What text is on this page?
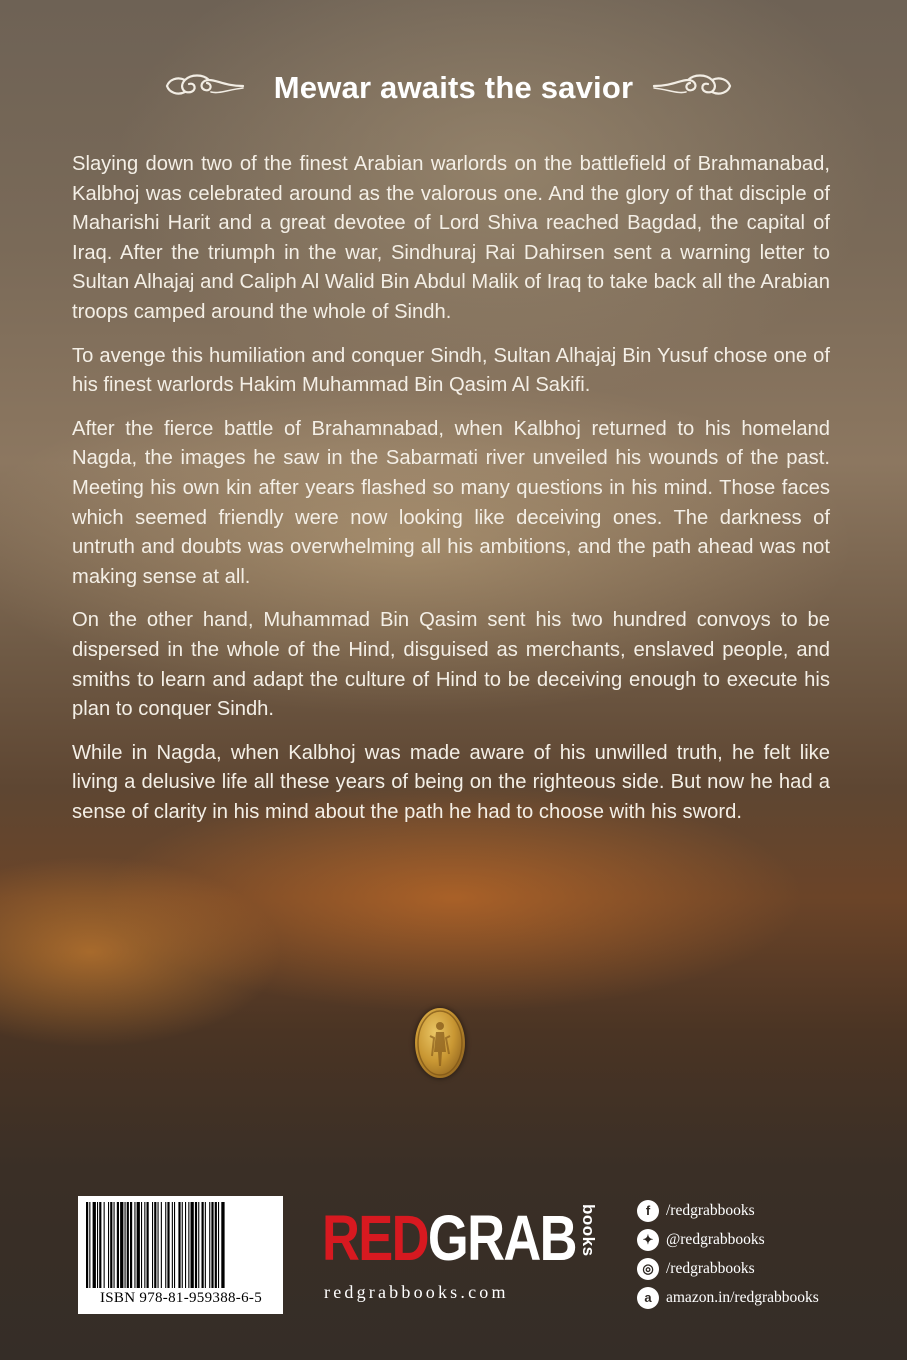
Mewar awaits the savior

Slaying down two of the finest Arabian warlords on the battlefield of Brahmanabad, Kalbhoj was celebrated around as the valorous one. And the glory of that disciple of Maharishi Harit and a great devotee of Lord Shiva reached Bagdad, the capital of Iraq. After the triumph in the war, Sindhuraj Rai Dahirsen sent a warning letter to Sultan Alhajaj and Caliph Al Walid Bin Abdul Malik of Iraq to take back all the Arabian troops camped around the whole of Sindh.

To avenge this humiliation and conquer Sindh, Sultan Alhajaj Bin Yusuf chose one of his finest warlords Hakim Muhammad Bin Qasim Al Sakifi.

After the fierce battle of Brahamnabad, when Kalbhoj returned to his homeland Nagda, the images he saw in the Sabarmati river unveiled his wounds of the past. Meeting his own kin after years flashed so many questions in his mind. Those faces which seemed friendly were now looking like deceiving ones. The darkness of untruth and doubts was overwhelming all his ambitions, and the path ahead was not making sense at all.

On the other hand, Muhammad Bin Qasim sent his two hundred convoys to be dispersed in the whole of the Hind, disguised as merchants, enslaved people, and smiths to learn and adapt the culture of Hind to be deceiving enough to execute his plan to conquer Sindh.

While in Nagda, when Kalbhoj was made aware of his unwilled truth, he felt like living a delusive life all these years of being on the righteous side. But now he had a sense of clarity in his mind about the path he had to choose with his sword.

ISBN 978-81-959388-6-5
REDGRAB books
redgrabbooks.com
f	/redgrabbooks
✦ @redgrabbooks
◎ /redgrabbooks
a amazon.in/redgrabbooks
